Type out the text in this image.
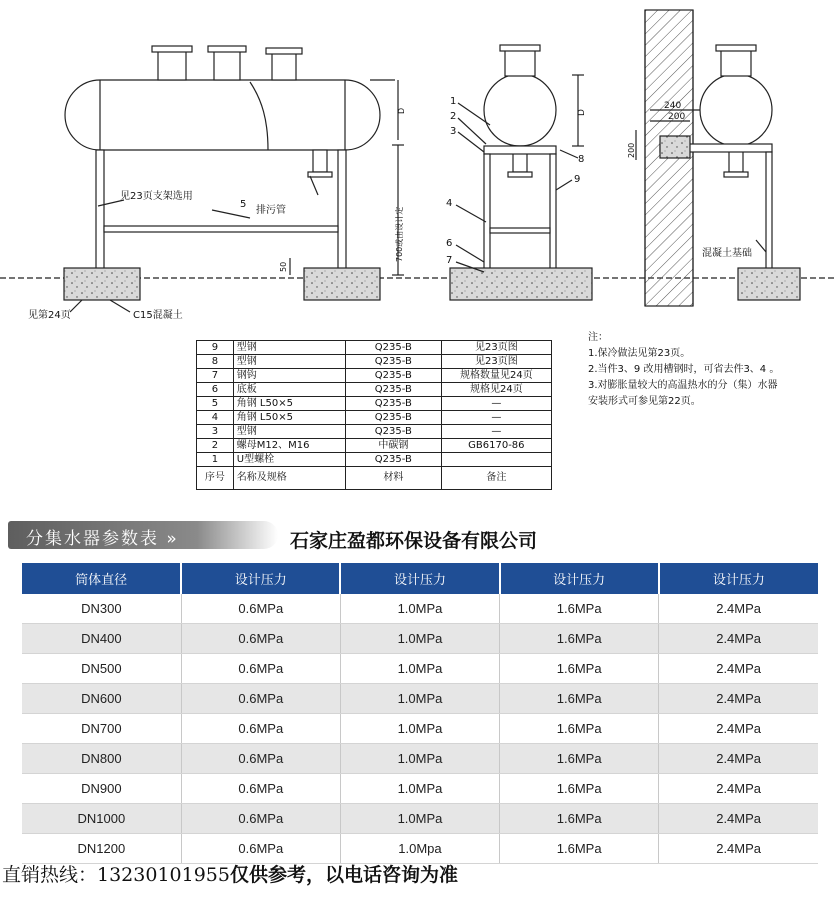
见23页支架选用
5
排污管
见第24页	C15混凝土
700或由设计定
50
D	D
1
2
3
8
9
4
6
7
240
200
200
混凝土基础
9	型钢	Q235-B	见23页图
8	型钢	Q235-B	见23页图
7	钢钩	Q235-B	规格数量见24页
6	底板	Q235-B	规格见24页
5	角钢 L50×5	Q235-B	—
4	角钢 L50×5	Q235-B	—
3	型钢	Q235-B	—
2	螺母M12、M16	中碳钢	GB6170-86
1	U型螺栓	Q235-B	
序号	名称及规格	材料	备注
注：
1.保冷做法见第23页。
2.当件3、9 改用槽钢时，可省去件3、4 。
3.对膨胀量较大的高温热水的分（集）水器
安装形式可参见第22页。
分集水器参数表 »	石家庄盈都环保设备有限公司
筒体直径	设计压力	设计压力	设计压力	设计压力
DN300	0.6MPa	1.0MPa	1.6MPa	2.4MPa
DN400	0.6MPa	1.0MPa	1.6MPa	2.4MPa
DN500	0.6MPa	1.0MPa	1.6MPa	2.4MPa
DN600	0.6MPa	1.0MPa	1.6MPa	2.4MPa
DN700	0.6MPa	1.0MPa	1.6MPa	2.4MPa
DN800	0.6MPa	1.0MPa	1.6MPa	2.4MPa
DN900	0.6MPa	1.0MPa	1.6MPa	2.4MPa
DN1000	0.6MPa	1.0MPa	1.6MPa	2.4MPa
DN1200	0.6MPa	1.0Mpa	1.6MPa	2.4MPa
直销热线：13230101955仅供参考，以电话咨询为准
